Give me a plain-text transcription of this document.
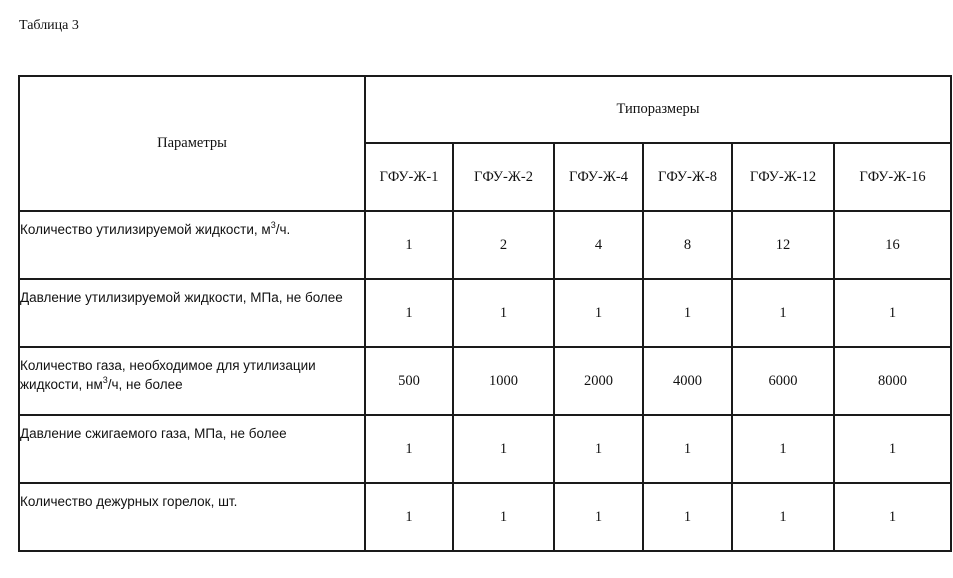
Таблица 3
Параметры	Типоразмеры					
	ГФУ-Ж-1	ГФУ-Ж-2	ГФУ-Ж-4	ГФУ-Ж-8	ГФУ-Ж-12	ГФУ-Ж-16
Количество утилизируемой жидкости, $м^3/ч$.	1	2	4	8	12	16
Давление утилизируемой жидкости, МПа, не более	1	1	1	1	1	1
Количество газа, необходимое для утилизации жидкости, $нм^3/ч$, не более	500	1000	2000	4000	6000	8000
Давление сжигаемого газа, МПа, не более	1	1	1	1	1	1
Количество дежурных горелок, шт.	1	1	1	1	1	1
